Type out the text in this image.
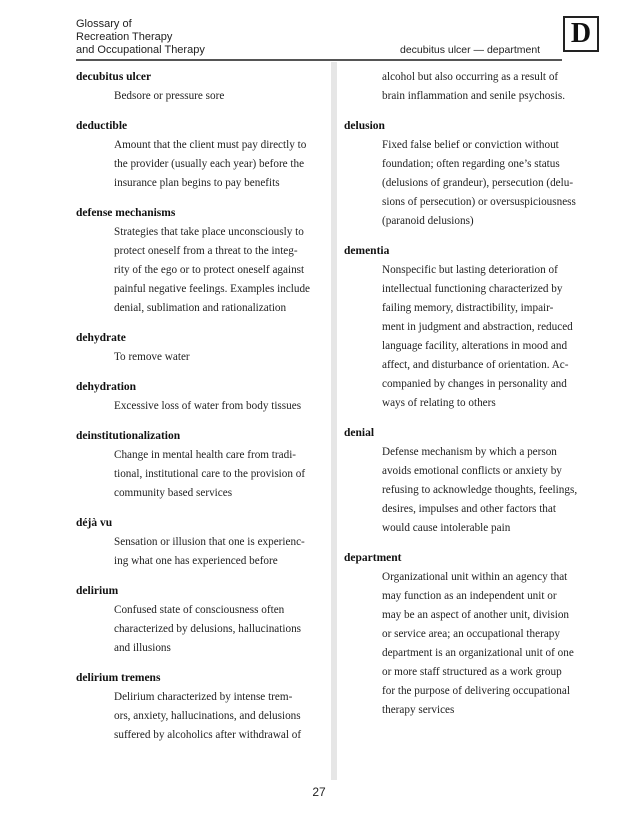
Glossary of
Recreation Therapy
and Occupational Therapy	decubitus ulcer — department
D
decubitus ulcer
Bedsore or pressure sore
deductible
Amount that the client must pay directly to
the provider (usually each year) before the
insurance plan begins to pay benefits
defense mechanisms
Strategies that take place unconsciously to
protect oneself from a threat to the integ-
rity of the ego or to protect oneself against
painful negative feelings. Examples include
denial, sublimation and rationalization
dehydrate
To remove water
dehydration
Excessive loss of water from body tissues
deinstitutionalization
Change in mental health care from tradi-
tional, institutional care to the provision of
community based services
déjà vu
Sensation or illusion that one is experienc-
ing what one has experienced before
delirium
Confused state of consciousness often
characterized by delusions, hallucinations
and illusions
delirium tremens
Delirium characterized by intense trem-
ors, anxiety, hallucinations, and delusions
suffered by alcoholics after withdrawal of
alcohol but also occurring as a result of
brain inflammation and senile psychosis.
delusion
Fixed false belief or conviction without
foundation; often regarding one’s status
(delusions of grandeur), persecution (delu-
sions of persecution) or oversuspiciousness
(paranoid delusions)
dementia
Nonspecific but lasting deterioration of
intellectual functioning characterized by
failing memory, distractibility, impair-
ment in judgment and abstraction, reduced
language facility, alterations in mood and
affect, and disturbance of orientation. Ac-
companied by changes in personality and
ways of relating to others
denial
Defense mechanism by which a person
avoids emotional conflicts or anxiety by
refusing to acknowledge thoughts, feelings,
desires, impulses and other factors that
would cause intolerable pain
department
Organizational unit within an agency that
may function as an independent unit or
may be an aspect of another unit, division
or service area; an occupational therapy
department is an organizational unit of one
or more staff structured as a work group
for the purpose of delivering occupational
therapy services
27
